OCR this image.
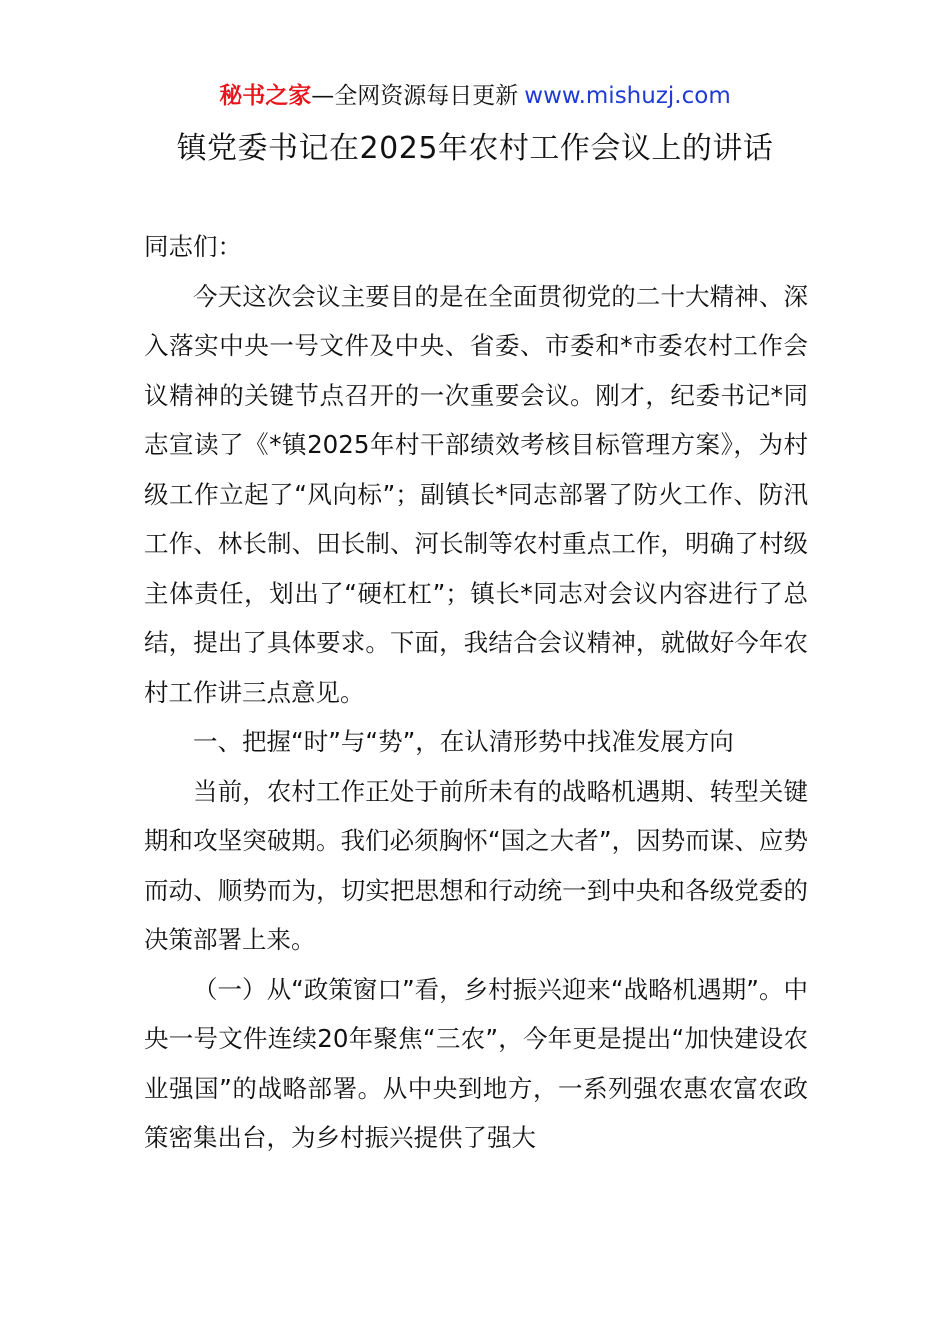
秘书之家—全网资源每日更新 www.mishuzj.com
镇党委书记在2025年农村工作会议上的讲话

同志们：

今天这次会议主要目的是在全面贯彻党的二十大精神、深入落实中央一号文件及中央、省委、市委和*市委农村工作会议精神的关键节点召开的一次重要会议。刚才，纪委书记*同志宣读了《*镇2025年村干部绩效考核目标管理方案》，为村级工作立起了“风向标”；副镇长*同志部署了防火工作、防汛工作、林长制、田长制、河长制等农村重点工作，明确了村级主体责任，划出了“硬杠杠”；镇长*同志对会议内容进行了总结，提出了具体要求。下面，我结合会议精神，就做好今年农村工作讲三点意见。

一、把握“时”与“势”，在认清形势中找准发展方向

当前，农村工作正处于前所未有的战略机遇期、转型关键期和攻坚突破期。我们必须胸怀“国之大者”，因势而谋、应势而动、顺势而为，切实把思想和行动统一到中央和各级党委的决策部署上来。

（一）从“政策窗口”看，乡村振兴迎来“战略机遇期”。中央一号文件连续20年聚焦“三农”，今年更是提出“加快建设农业强国”的战略部署。从中央到地方，一系列强农惠农富农政策密集出台，为乡村振兴提供了强大
